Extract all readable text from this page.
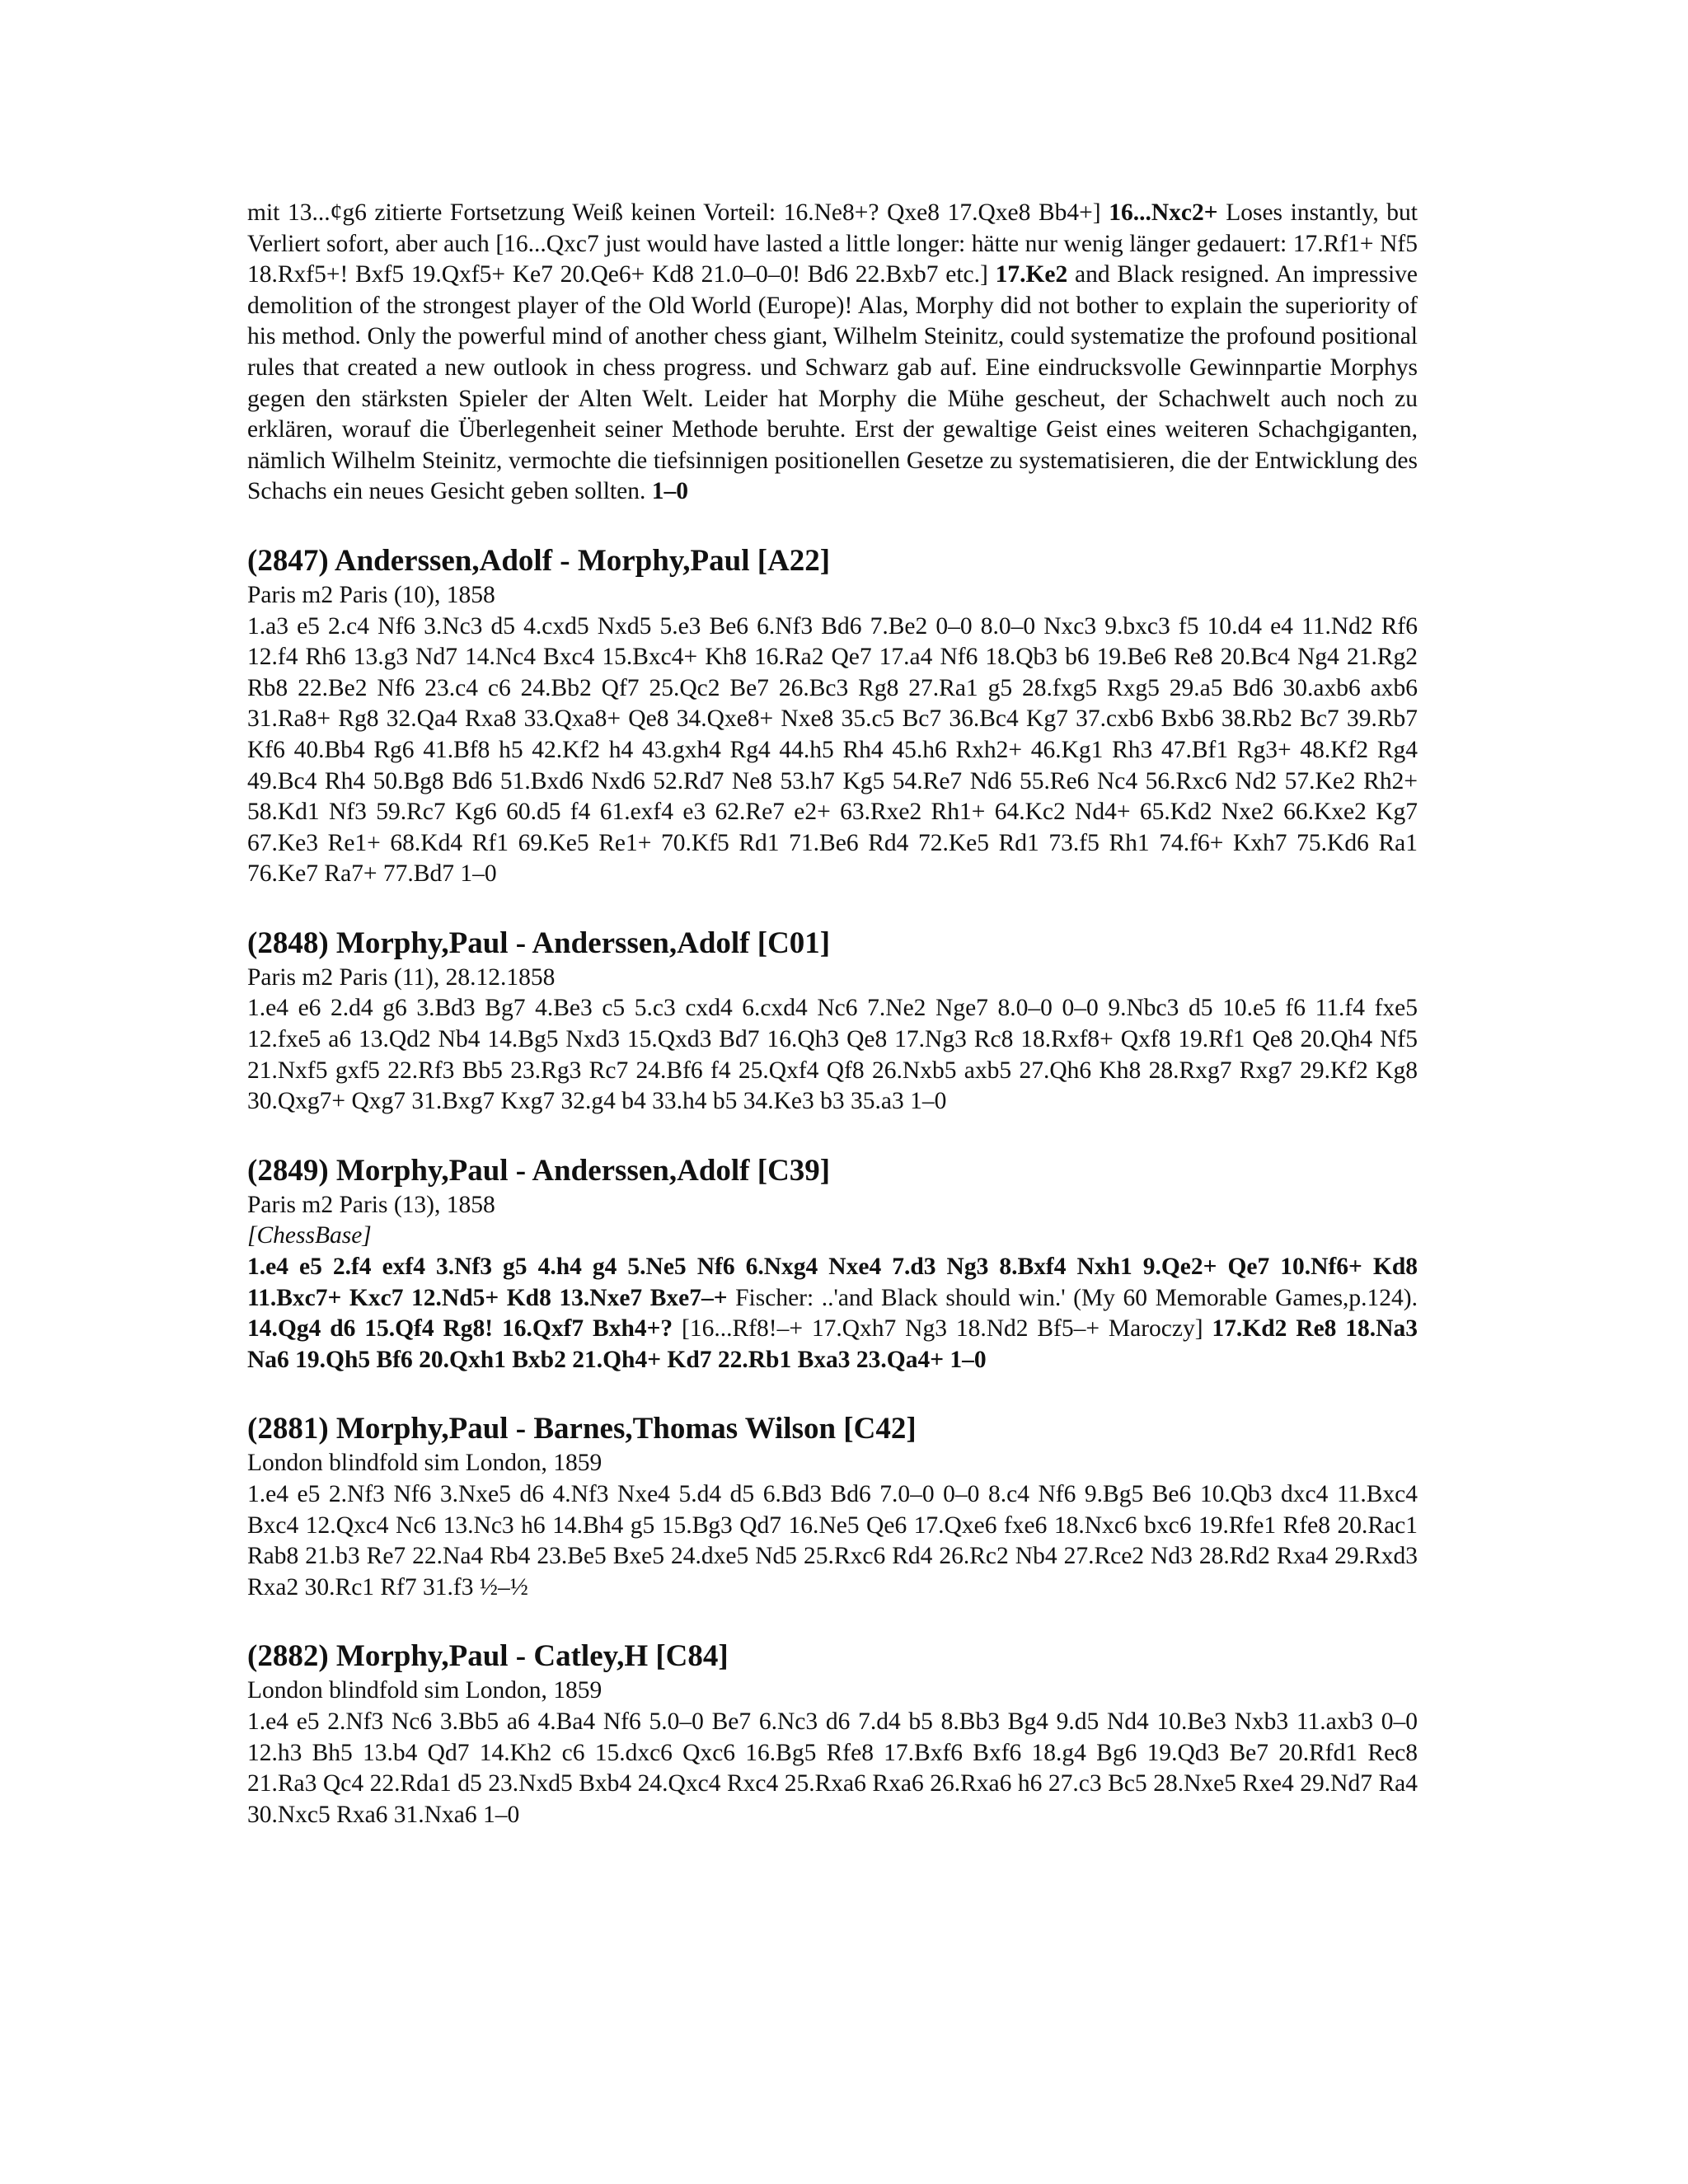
mit 13...¢g6 zitierte Fortsetzung Weiß keinen Vorteil: 16.Ne8+? Qxe8 17.Qxe8 Bb4+] 16...Nxc2+ Loses instantly, but Verliert sofort, aber auch [16...Qxc7 just would have lasted a little longer: hätte nur wenig länger gedauert: 17.Rf1+ Nf5 18.Rxf5+! Bxf5 19.Qxf5+ Ke7 20.Qe6+ Kd8 21.0–0–0! Bd6 22.Bxb7 etc.] 17.Ke2 and Black resigned. An impressive demolition of the strongest player of the Old World (Europe)! Alas, Morphy did not bother to explain the superiority of his method. Only the powerful mind of another chess giant, Wilhelm Steinitz, could systematize the profound positional rules that created a new outlook in chess progress. und Schwarz gab auf. Eine eindrucksvolle Gewinnpartie Morphys gegen den stärksten Spieler der Alten Welt. Leider hat Morphy die Mühe gescheut, der Schachwelt auch noch zu erklären, worauf die Überlegenheit seiner Methode beruhte. Erst der gewaltige Geist eines weiteren Schachgiganten, nämlich Wilhelm Steinitz, vermochte die tiefsinnigen positionellen Gesetze zu systematisieren, die der Entwicklung des Schachs ein neues Gesicht geben sollten. 1–0

(2847) Anderssen,Adolf - Morphy,Paul [A22]

Paris m2 Paris (10), 1858

1.a3 e5 2.c4 Nf6 3.Nc3 d5 4.cxd5 Nxd5 5.e3 Be6 6.Nf3 Bd6 7.Be2 0–0 8.0–0 Nxc3 9.bxc3 f5 10.d4 e4 11.Nd2 Rf6 12.f4 Rh6 13.g3 Nd7 14.Nc4 Bxc4 15.Bxc4+ Kh8 16.Ra2 Qe7 17.a4 Nf6 18.Qb3 b6 19.Be6 Re8 20.Bc4 Ng4 21.Rg2 Rb8 22.Be2 Nf6 23.c4 c6 24.Bb2 Qf7 25.Qc2 Be7 26.Bc3 Rg8 27.Ra1 g5 28.fxg5 Rxg5 29.a5 Bd6 30.axb6 axb6 31.Ra8+ Rg8 32.Qa4 Rxa8 33.Qxa8+ Qe8 34.Qxe8+ Nxe8 35.c5 Bc7 36.Bc4 Kg7 37.cxb6 Bxb6 38.Rb2 Bc7 39.Rb7 Kf6 40.Bb4 Rg6 41.Bf8 h5 42.Kf2 h4 43.gxh4 Rg4 44.h5 Rh4 45.h6 Rxh2+ 46.Kg1 Rh3 47.Bf1 Rg3+ 48.Kf2 Rg4 49.Bc4 Rh4 50.Bg8 Bd6 51.Bxd6 Nxd6 52.Rd7 Ne8 53.h7 Kg5 54.Re7 Nd6 55.Re6 Nc4 56.Rxc6 Nd2 57.Ke2 Rh2+ 58.Kd1 Nf3 59.Rc7 Kg6 60.d5 f4 61.exf4 e3 62.Re7 e2+ 63.Rxe2 Rh1+ 64.Kc2 Nd4+ 65.Kd2 Nxe2 66.Kxe2 Kg7 67.Ke3 Re1+ 68.Kd4 Rf1 69.Ke5 Re1+ 70.Kf5 Rd1 71.Be6 Rd4 72.Ke5 Rd1 73.f5 Rh1 74.f6+ Kxh7 75.Kd6 Ra1 76.Ke7 Ra7+ 77.Bd7 1–0

(2848) Morphy,Paul - Anderssen,Adolf [C01]

Paris m2 Paris (11), 28.12.1858

1.e4 e6 2.d4 g6 3.Bd3 Bg7 4.Be3 c5 5.c3 cxd4 6.cxd4 Nc6 7.Ne2 Nge7 8.0–0 0–0 9.Nbc3 d5 10.e5 f6 11.f4 fxe5 12.fxe5 a6 13.Qd2 Nb4 14.Bg5 Nxd3 15.Qxd3 Bd7 16.Qh3 Qe8 17.Ng3 Rc8 18.Rxf8+ Qxf8 19.Rf1 Qe8 20.Qh4 Nf5 21.Nxf5 gxf5 22.Rf3 Bb5 23.Rg3 Rc7 24.Bf6 f4 25.Qxf4 Qf8 26.Nxb5 axb5 27.Qh6 Kh8 28.Rxg7 Rxg7 29.Kf2 Kg8 30.Qxg7+ Qxg7 31.Bxg7 Kxg7 32.g4 b4 33.h4 b5 34.Ke3 b3 35.a3 1–0

(2849) Morphy,Paul - Anderssen,Adolf [C39]

Paris m2 Paris (13), 1858

[ChessBase]

1.e4 e5 2.f4 exf4 3.Nf3 g5 4.h4 g4 5.Ne5 Nf6 6.Nxg4 Nxe4 7.d3 Ng3 8.Bxf4 Nxh1 9.Qe2+ Qe7 10.Nf6+ Kd8 11.Bxc7+ Kxc7 12.Nd5+ Kd8 13.Nxe7 Bxe7–+ Fischer: ..'and Black should win.' (My 60 Memorable Games,p.124). 14.Qg4 d6 15.Qf4 Rg8! 16.Qxf7 Bxh4+? [16...Rf8!–+ 17.Qxh7 Ng3 18.Nd2 Bf5–+ Maroczy] 17.Kd2 Re8 18.Na3 Na6 19.Qh5 Bf6 20.Qxh1 Bxb2 21.Qh4+ Kd7 22.Rb1 Bxa3 23.Qa4+ 1–0

(2881) Morphy,Paul - Barnes,Thomas Wilson [C42]

London blindfold sim London, 1859

1.e4 e5 2.Nf3 Nf6 3.Nxe5 d6 4.Nf3 Nxe4 5.d4 d5 6.Bd3 Bd6 7.0–0 0–0 8.c4 Nf6 9.Bg5 Be6 10.Qb3 dxc4 11.Bxc4 Bxc4 12.Qxc4 Nc6 13.Nc3 h6 14.Bh4 g5 15.Bg3 Qd7 16.Ne5 Qe6 17.Qxe6 fxe6 18.Nxc6 bxc6 19.Rfe1 Rfe8 20.Rac1 Rab8 21.b3 Re7 22.Na4 Rb4 23.Be5 Bxe5 24.dxe5 Nd5 25.Rxc6 Rd4 26.Rc2 Nb4 27.Rce2 Nd3 28.Rd2 Rxa4 29.Rxd3 Rxa2 30.Rc1 Rf7 31.f3 ½–½

(2882) Morphy,Paul - Catley,H [C84]

London blindfold sim London, 1859

1.e4 e5 2.Nf3 Nc6 3.Bb5 a6 4.Ba4 Nf6 5.0–0 Be7 6.Nc3 d6 7.d4 b5 8.Bb3 Bg4 9.d5 Nd4 10.Be3 Nxb3 11.axb3 0–0 12.h3 Bh5 13.b4 Qd7 14.Kh2 c6 15.dxc6 Qxc6 16.Bg5 Rfe8 17.Bxf6 Bxf6 18.g4 Bg6 19.Qd3 Be7 20.Rfd1 Rec8 21.Ra3 Qc4 22.Rda1 d5 23.Nxd5 Bxb4 24.Qxc4 Rxc4 25.Rxa6 Rxa6 26.Rxa6 h6 27.c3 Bc5 28.Nxe5 Rxe4 29.Nd7 Ra4 30.Nxc5 Rxa6 31.Nxa6 1–0
